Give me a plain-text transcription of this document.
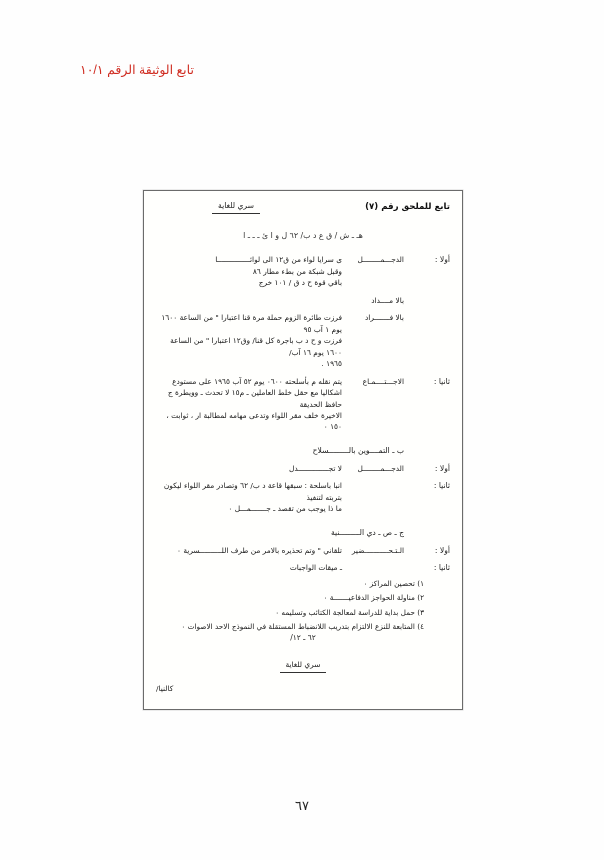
تابع الوثيقة الرقم ١٠/١
تابع للملحق رقم (٧)
سري للغاية
هـ ـ ش / ق ع د ب/ ٦٢ ل و ا ئ ـ ـ ـ ا
أولا :
الدجـــمــــــــل
ى سرايا لواء من ق١٢ الى لوائـــــــــــــــا
وقبل شبكة من بطء مطار ٨٦
باقي قوة ح د ق / ١٠١ خرج
بالا مــــداد
بالا فـــــــراد
فرزت طائرة الزوم حملة مرة قنا اعتبارا " من الساعة ١٦٠٠ يوم ١ آب ٩٥
فرزت و ح د ب باجرة كل قنا/ وق١٢ اعتبارا " من الساعة ١٦٠٠ يوم ١٦ آب/
١٩٦٥ .
ثانيا :
الاجـــتــــمـاع
يتم نقله م بأسلحته ٠٦٠٠ يوم ٥٢ آب ١٩٦٥ على مستودع
اشكاليا مع حقل خلط العاملين ـ م١٥ لا تحدث ـ وويطرة ج حافظ الحديقة
الاخيرة خلف مقر اللواء وتدعى مهامه لمطالبة ار ، ثوابت ، ١٥٠ ٠
ب ـ التمــــوين بالـــــــــسلاح
أولا :
الدجـــمــــــــل
لا تجــــــــــــــدل
ثانيا :
انبا باسلحة : سبقها قاعة د ب/ ٦٢ وتصادر مقر اللواء ليكون بتربته لتنفيذ
ما ذا يوجب من تقصد ـ جـــــــمـــل ٠
ج ـ ص ـ دي الـــــــــنية
أولا :
الـتـحـــــــــــضير
تلقاني " وتم تحذيره بالامر من طرف اللــــــــــسرية ٠
ثانيا :
ـ ميقات الواجبات
١) تحصين المراكز ٠
٢) مناولة الحواجز الدفاعيـــــــة ٠
٣) حمل بداية للدراسة لمعالجة الكتائب وتسليمه ٠
٤) المتابعة للنزع الالتزام بتدريب اللانضباط المستقلة في النموذج الاحد الاصوات ٠
٦٢ ـ ١٢/
سري للغاية
كالنيا/
٦٧
